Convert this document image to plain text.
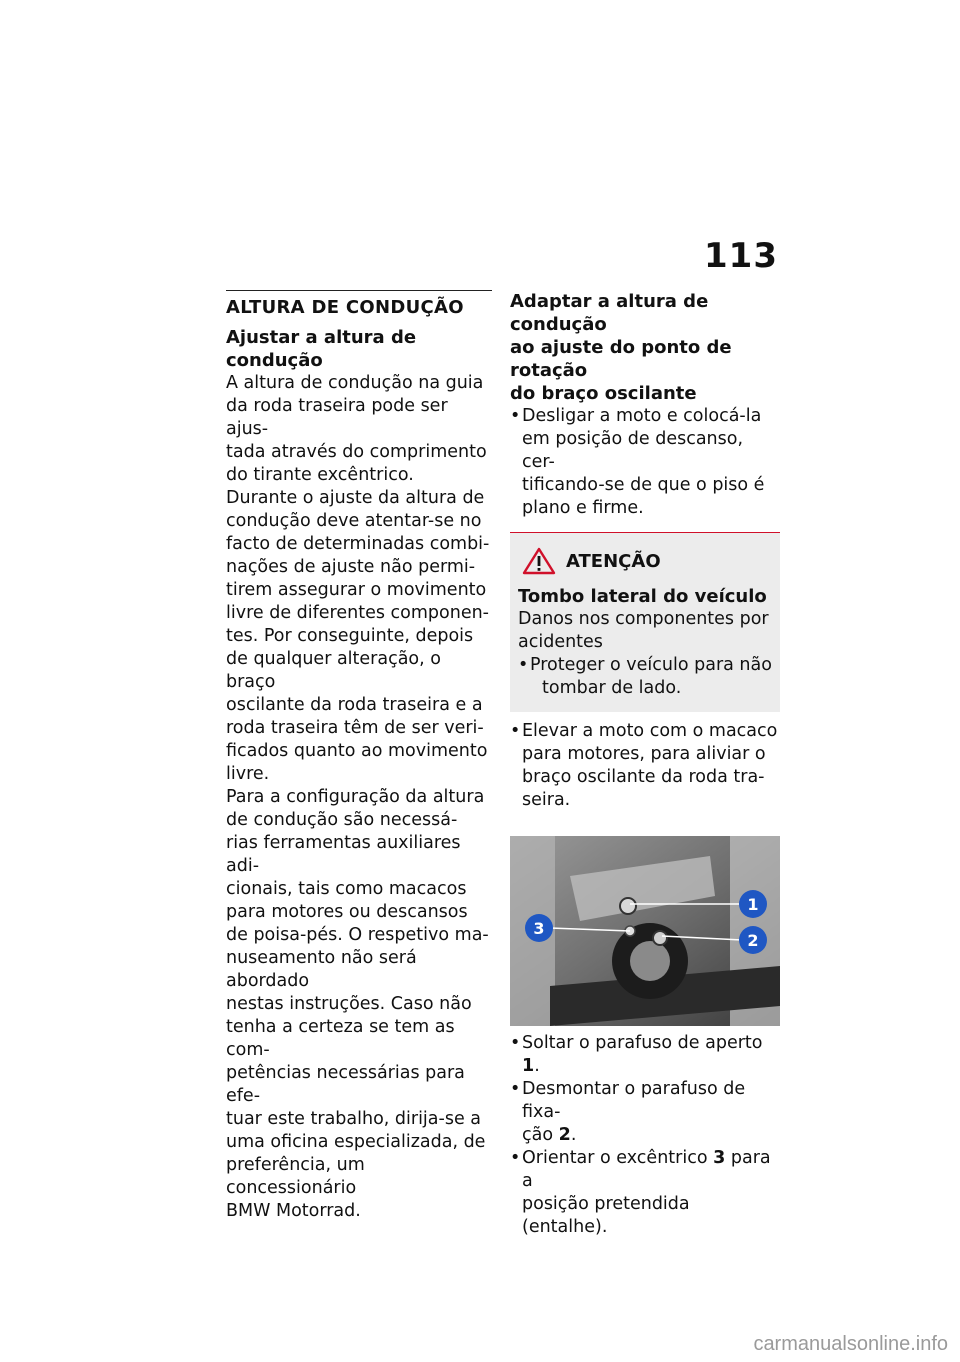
113
ALTURA DE CONDUÇÃO
Ajustar a altura de condução
A altura de condução na guia
da roda traseira pode ser ajus-
tada através do comprimento
do tirante excêntrico.
Durante o ajuste da altura de
condução deve atentar-se no
facto de determinadas combi-
nações de ajuste não permi-
tirem assegurar o movimento
livre de diferentes componen-
tes. Por conseguinte, depois
de qualquer alteração, o braço
oscilante da roda traseira e a
roda traseira têm de ser veri-
ficados quanto ao movimento
livre.
Para a configuração da altura
de condução são necessá-
rias ferramentas auxiliares adi-
cionais, tais como macacos
para motores ou descansos
de poisa-pés. O respetivo ma-
nuseamento não será abordado
nestas instruções. Caso não
tenha a certeza se tem as com-
petências necessárias para efe-
tuar este trabalho, dirija-se a
uma oficina especializada, de
preferência, um concessionário
BMW Motorrad.
Adaptar a altura de condução
ao ajuste do ponto de rotação
do braço oscilante
• Desligar a moto e colocá-la
em posição de descanso, cer-
tificando-se de que o piso é
plano e firme.
ATENÇÃO
Tombo lateral do veículo
Danos nos componentes por
acidentes
• Proteger o veículo para não
tombar de lado.
• Elevar a moto com o macaco
para motores, para aliviar o
braço oscilante da roda tra-
seira.
1
2
3
• Soltar o parafuso de aperto 1.
• Desmontar o parafuso de fixa-
ção 2.
• Orientar o excêntrico 3 para a
posição pretendida (entalhe).
carmanualsonline.info
